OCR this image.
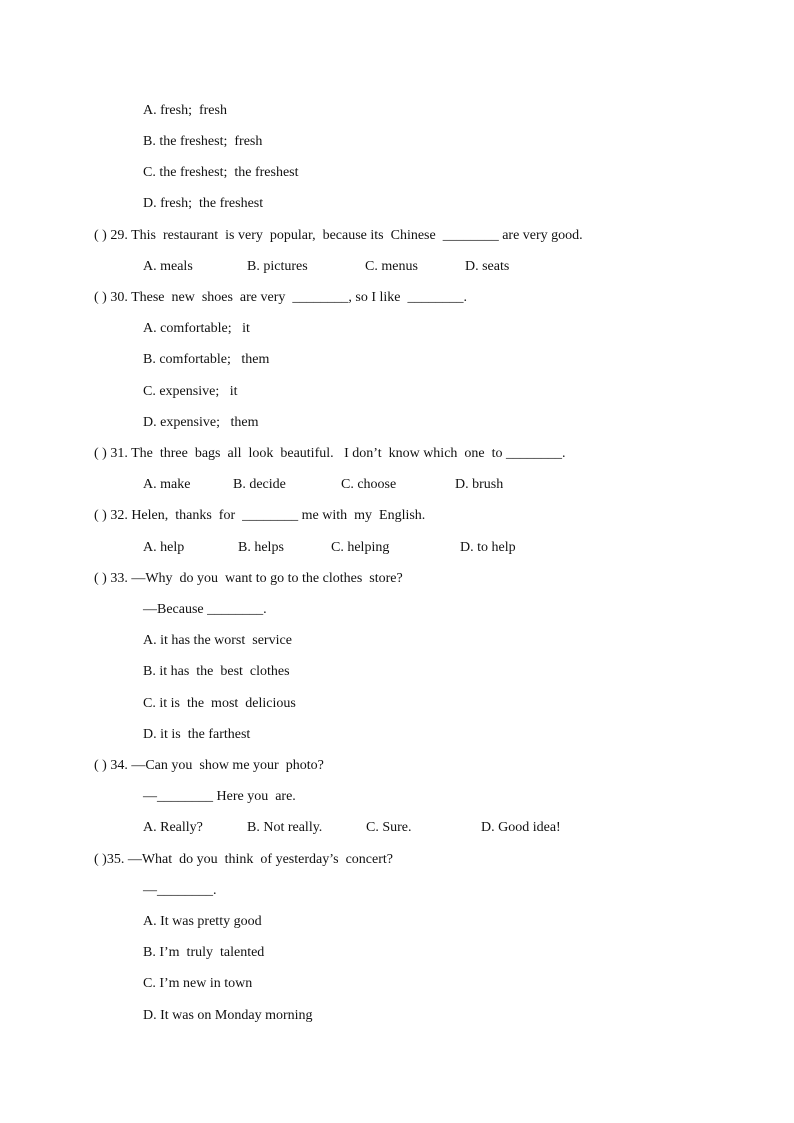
A. fresh;  fresh
B. the freshest;  fresh
C. the freshest;  the freshest
D. fresh;  the freshest
( ) 29. This  restaurant  is very  popular,  because its  Chinese  ________ are very good.

A. meals

	B. pictures

	C. menus

	D. seats

( ) 30. These  new  shoes  are very  ________, so I like  ________.
A. comfortable;   it
B. comfortable;   them
C. expensive;   it
D. expensive;   them
( ) 31. The  three  bags  all  look  beautiful.   I don’t  know which  one  to ________.

A. make

	B. decide

	C. choose

	D. brush

( ) 32. Helen,  thanks  for  ________ me with  my  English.

A. help

	B. helps

	C. helping

	D. to help

( ) 33. —Why  do you  want to go to the clothes  store?
—Because ________.
A. it has the worst  service
B. it has  the  best  clothes
C. it is  the  most  delicious
D. it is  the farthest
( ) 34. —Can you  show me your  photo?
—________ Here you  are.

A. Really?

	B. Not really.

	C. Sure.

	D. Good idea!

( )35. —What  do you  think  of yesterday’s  concert?
—________.
A. It was pretty good
B. I’m  truly  talented
C. I’m new in town
D. It was on Monday morning
